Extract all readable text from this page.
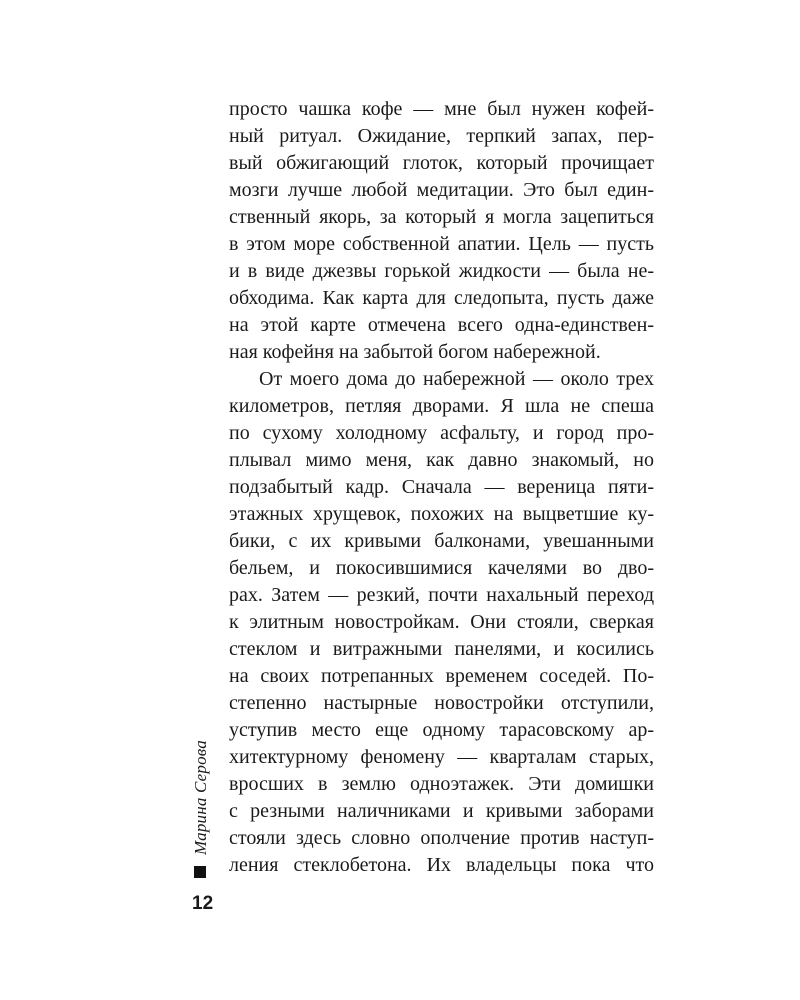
Марина Серова
12
просто чашка кофе — мне был нужен кофей-
ный ритуал. Ожидание, терпкий запах, пер-
вый обжигающий глоток, который прочищает
мозги лучше любой медитации. Это был един-
ственный якорь, за который я могла зацепиться
в этом море собственной апатии. Цель — пусть
и в виде джезвы горькой жидкости — была не-
обходима. Как карта для следопыта, пусть даже
на этой карте отмечена всего одна-единствен-
ная кофейня на забытой богом набережной.
От моего дома до набережной — около трех
километров, петляя дворами. Я шла не спеша
по сухому холодному асфальту, и город про-
плывал мимо меня, как давно знакомый, но
подзабытый кадр. Сначала — вереница пяти-
этажных хрущевок, похожих на выцветшие ку-
бики, с их кривыми балконами, увешанными
бельем, и покосившимися качелями во дво-
рах. Затем — резкий, почти нахальный переход
к элитным новостройкам. Они стояли, сверкая
стеклом и витражными панелями, и косились
на своих потрепанных временем соседей. По-
степенно настырные новостройки отступили,
уступив место еще одному тарасовскому ар-
хитектурному феномену — кварталам старых,
вросших в землю одноэтажек. Эти домишки
с резными наличниками и кривыми заборами
стояли здесь словно ополчение против наступ-
ления стеклобетона. Их владельцы пока что
